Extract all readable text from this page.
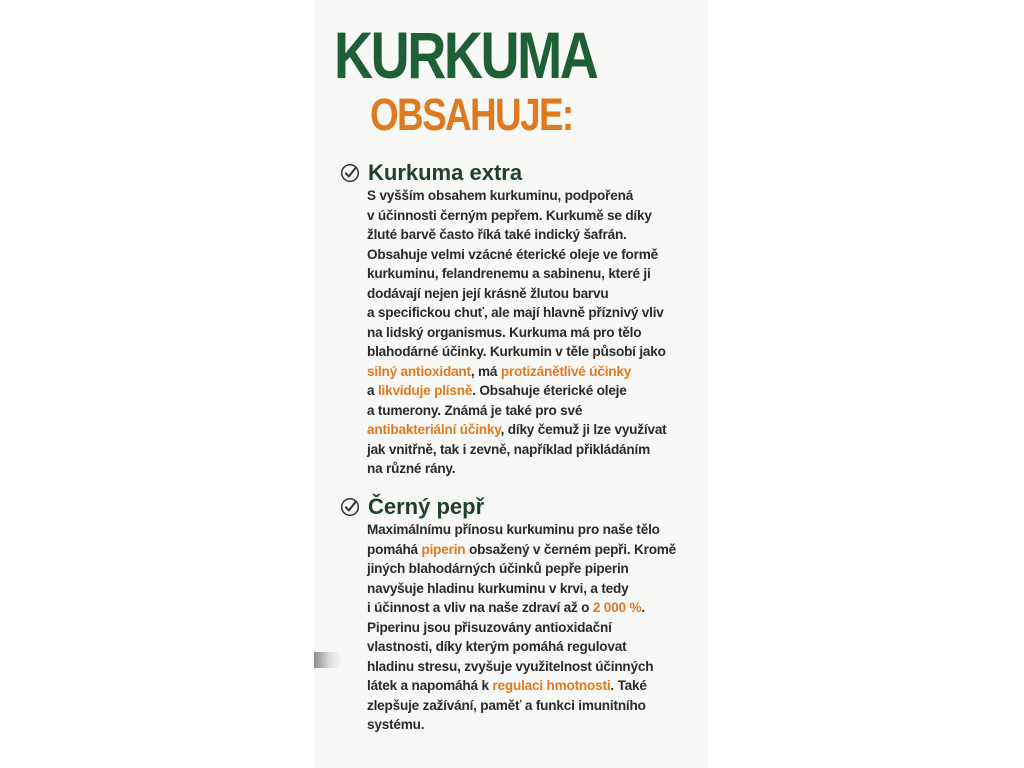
KURKUMA
OBSAHUJE:
Kurkuma extra

S vyšším obsahem kurkuminu, podpořená
v účinnosti černým pepřem. Kurkumě se díky
žluté barvě často říká také indický šafrán.
Obsahuje velmi vzácné éterické oleje ve formě
kurkuminu, felandrenemu a sabinenu, které ji
dodávají nejen její krásně žlutou barvu
a specifickou chuť, ale mají hlavně příznivý vliv
na lidský organismus. Kurkuma má pro tělo
blahodárné účinky. Kurkumin v těle působí jako
silný antioxidant, má protizánětlivé účinky
a likviduje plísně. Obsahuje éterické oleje
a tumerony. Známá je také pro své
antibakteriální účinky, díky čemuž ji lze využívat
jak vnitřně, tak i zevně, například přikládáním
na různé rány.

Černý pepř

Maximálnímu přínosu kurkuminu pro naše tělo
pomáhá piperin obsažený v černém pepři. Kromě
jiných blahodárných účinků pepře piperin
navyšuje hladinu kurkuminu v krvi, a tedy
i účinnost a vliv na naše zdraví až o 2 000 %.
Piperinu jsou přisuzovány antioxidační
vlastnosti, díky kterým pomáhá regulovat
hladinu stresu, zvyšuje využitelnost účinných
látek a napomáhá k regulaci hmotnosti. Také
zlepšuje zažívání, paměť a funkci imunitního
systému.
